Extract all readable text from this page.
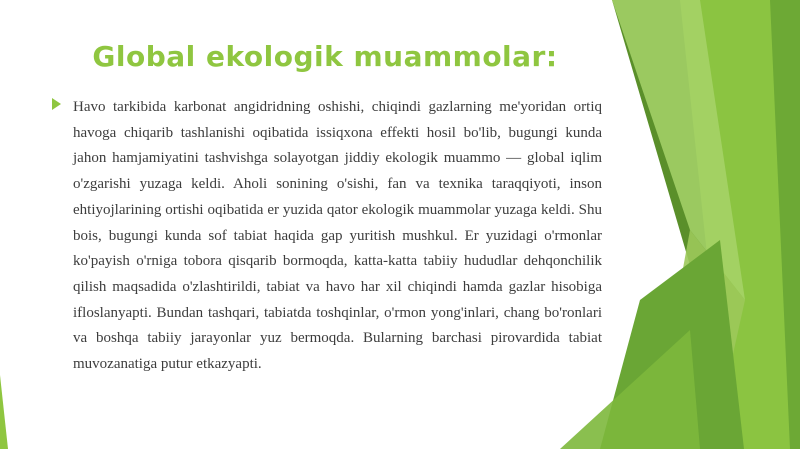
Global ekologik muammolar:

Havo tarkibida karbonat angidridning oshishi, chiqindi gazlarning me'yoridan ortiq havoga chiqarib tashlanishi oqibatida issiqxona effekti hosil bo'lib, bugungi kunda jahon hamjamiyatini tashvishga solayotgan jiddiy ekologik muammo — global iqlim o'zgarishi yuzaga keldi. Aholi sonining o'sishi, fan va texnika taraqqiyoti, inson ehtiyojlarining ortishi oqibatida er yuzida qator ekologik muammolar yuzaga keldi. Shu bois, bugungi kunda sof tabiat haqida gap yuritish mushkul. Er yuzidagi o'rmonlar ko'payish o'rniga tobora qisqarib bormoqda, katta-katta tabiiy hududlar dehqonchilik qilish maqsadida o'zlashtirildi, tabiat va havo har xil chiqindi hamda gazlar hisobiga ifloslanyapti. Bundan tashqari, tabiatda toshqinlar, o'rmon yong'inlari, chang bo'ronlari va boshqa tabiiy jarayonlar yuz bermoqda. Bularning barchasi pirovardida tabiat muvozanatiga putur etkazyapti.
